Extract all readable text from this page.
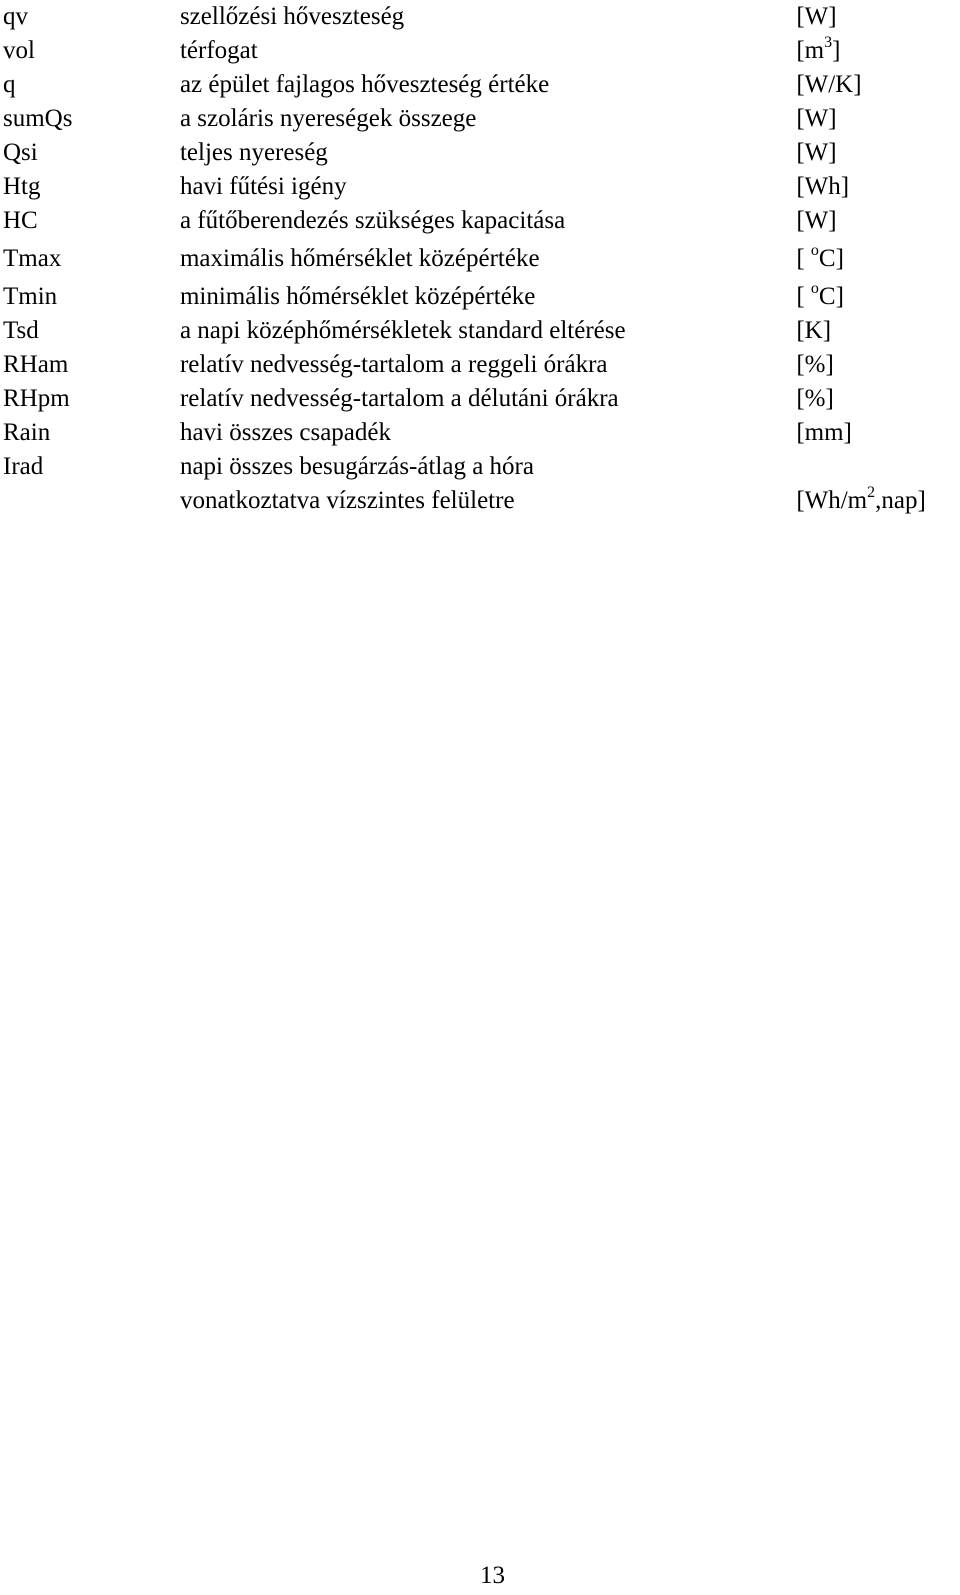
qv	szellőzési hőveszteség	[W]
vol	térfogat	$[m^3]$
q	az épület fajlagos hőveszteség értéke	[W/K]
sumQs	a szoláris nyereségek összege	[W]
Qsi	teljes nyereség	[W]
Htg	havi fűtési igény	[Wh]
HC	a fűtőberendezés szükséges kapacitása	[W]
Tmax	maximális hőmérséklet középértéke	[ $^o$C]
Tmin	minimális hőmérséklet középértéke	[ $^o$C]
Tsd	a napi középhőmérsékletek standard eltérése	[K]
RHam	relatív nedvesség-tartalom a reggeli órákra	[%]
RHpm	relatív nedvesség-tartalom a délutáni órákra	[%]
Rain	havi összes csapadék	[mm]
Irad	napi összes besugárzás-átlag a hóra
vonatkoztatva vízszintes felületre	$[Wh/m^2,nap]$
13
